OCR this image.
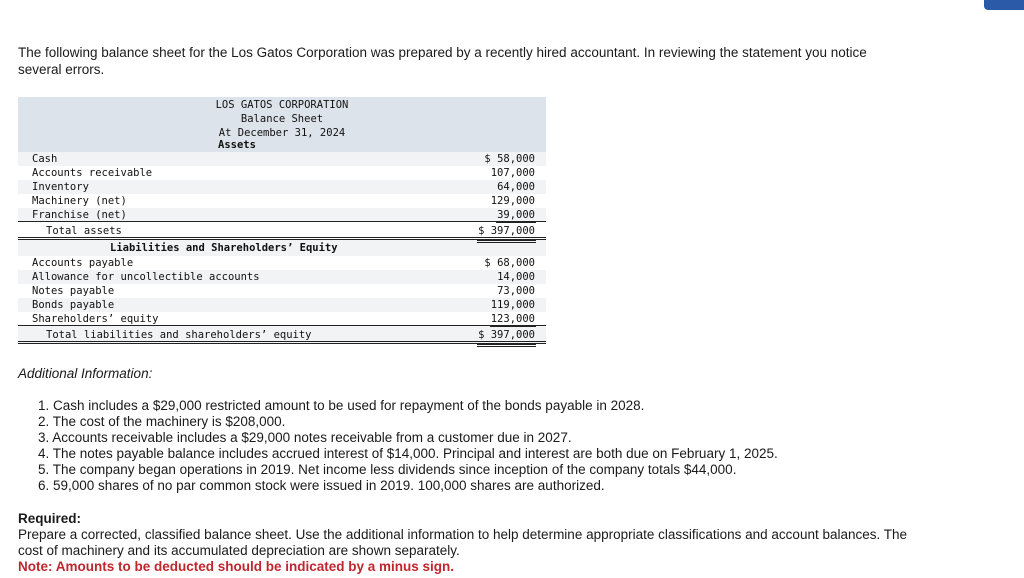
The following balance sheet for the Los Gatos Corporation was prepared by a recently hired accountant. In reviewing the statement you notice several errors.
LOS GATOS CORPORATION
Balance Sheet
At December 31, 2024
Assets
Cash	$ 58,000
Accounts receivable	107,000
Inventory	64,000
Machinery (net)	129,000
Franchise (net)	39,000
Total assets	$ 397,000
Liabilities and Shareholders’ Equity
Accounts payable	$ 68,000
Allowance for uncollectible accounts	14,000
Notes payable	73,000
Bonds payable	119,000
Shareholders’ equity	123,000
Total liabilities and shareholders’ equity	$ 397,000
Additional Information:
1. Cash includes a $29,000 restricted amount to be used for repayment of the bonds payable in 2028.
2. The cost of the machinery is $208,000.
3. Accounts receivable includes a $29,000 notes receivable from a customer due in 2027.
4. The notes payable balance includes accrued interest of $14,000. Principal and interest are both due on February 1, 2025.
5. The company began operations in 2019. Net income less dividends since inception of the company totals $44,000.
6. 59,000 shares of no par common stock were issued in 2019. 100,000 shares are authorized.
Required:
Prepare a corrected, classified balance sheet. Use the additional information to help determine appropriate classifications and account balances. The cost of machinery and its accumulated depreciation are shown separately.
Note: Amounts to be deducted should be indicated by a minus sign.
